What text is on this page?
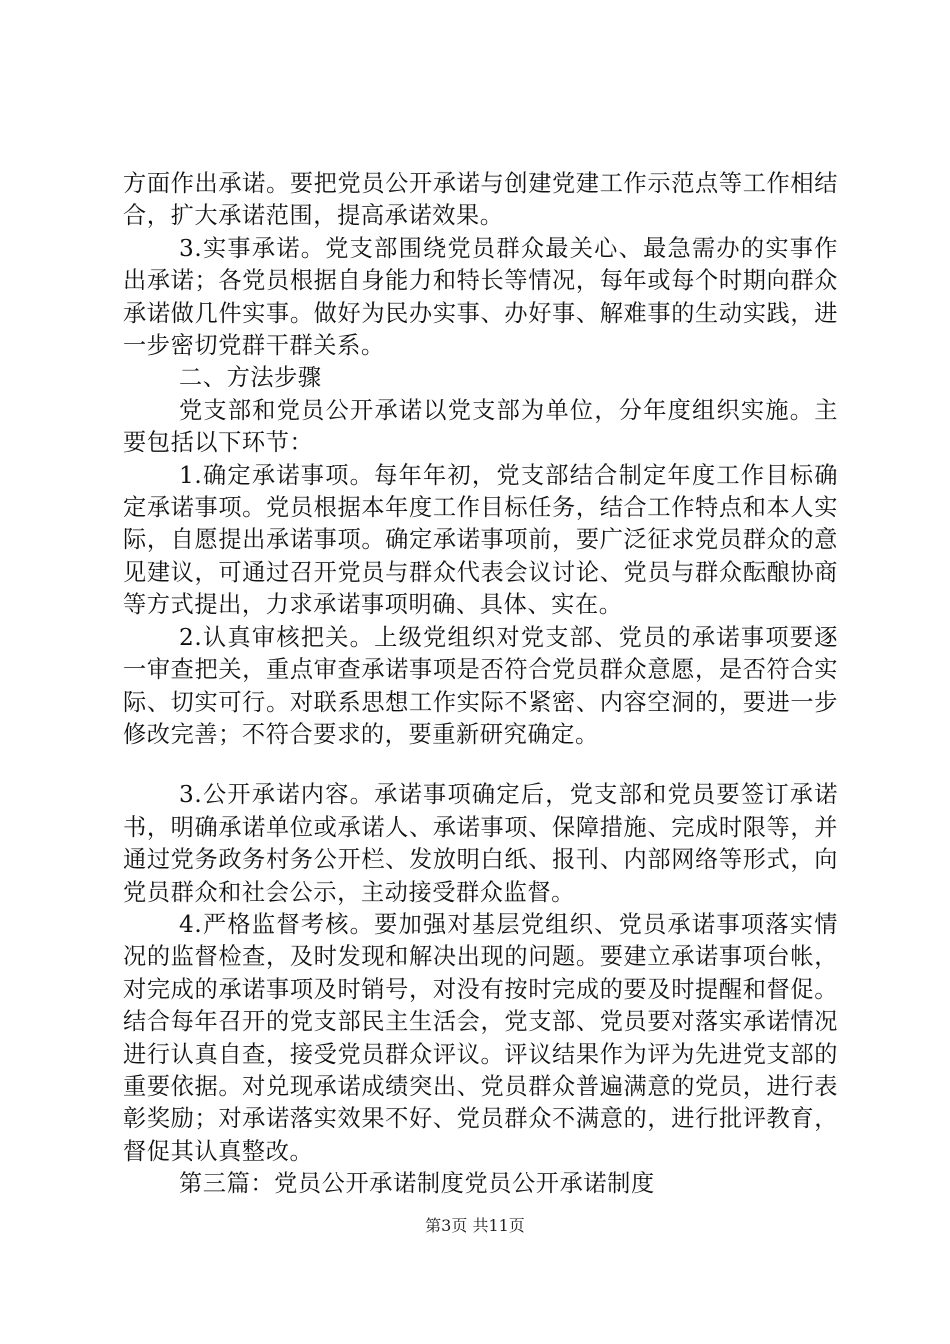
方面作出承诺。要把党员公开承诺与创建党建工作示范点等工作相结合，扩大承诺范围，提高承诺效果。

3.实事承诺。党支部围绕党员群众最关心、最急需办的实事作出承诺；各党员根据自身能力和特长等情况，每年或每个时期向群众承诺做几件实事。做好为民办实事、办好事、解难事的生动实践，进一步密切党群干群关系。

二、方法步骤

党支部和党员公开承诺以党支部为单位，分年度组织实施。主要包括以下环节：

1.确定承诺事项。每年年初，党支部结合制定年度工作目标确定承诺事项。党员根据本年度工作目标任务，结合工作特点和本人实际，自愿提出承诺事项。确定承诺事项前，要广泛征求党员群众的意见建议，可通过召开党员与群众代表会议讨论、党员与群众酝酿协商等方式提出，力求承诺事项明确、具体、实在。

2.认真审核把关。上级党组织对党支部、党员的承诺事项要逐一审查把关，重点审查承诺事项是否符合党员群众意愿，是否符合实际、切实可行。对联系思想工作实际不紧密、内容空洞的，要进一步修改完善；不符合要求的，要重新研究确定。

3.公开承诺内容。承诺事项确定后，党支部和党员要签订承诺书，明确承诺单位或承诺人、承诺事项、保障措施、完成时限等，并通过党务政务村务公开栏、发放明白纸、报刊、内部网络等形式，向党员群众和社会公示，主动接受群众监督。

4.严格监督考核。要加强对基层党组织、党员承诺事项落实情况的监督检查，及时发现和解决出现的问题。要建立承诺事项台帐，对完成的承诺事项及时销号，对没有按时完成的要及时提醒和督促。结合每年召开的党支部民主生活会，党支部、党员要对落实承诺情况进行认真自查，接受党员群众评议。评议结果作为评为先进党支部的重要依据。对兑现承诺成绩突出、党员群众普遍满意的党员，进行表彰奖励；对承诺落实效果不好、党员群众不满意的，进行批评教育，督促其认真整改。

第三篇：党员公开承诺制度党员公开承诺制度

第3页 共11页
